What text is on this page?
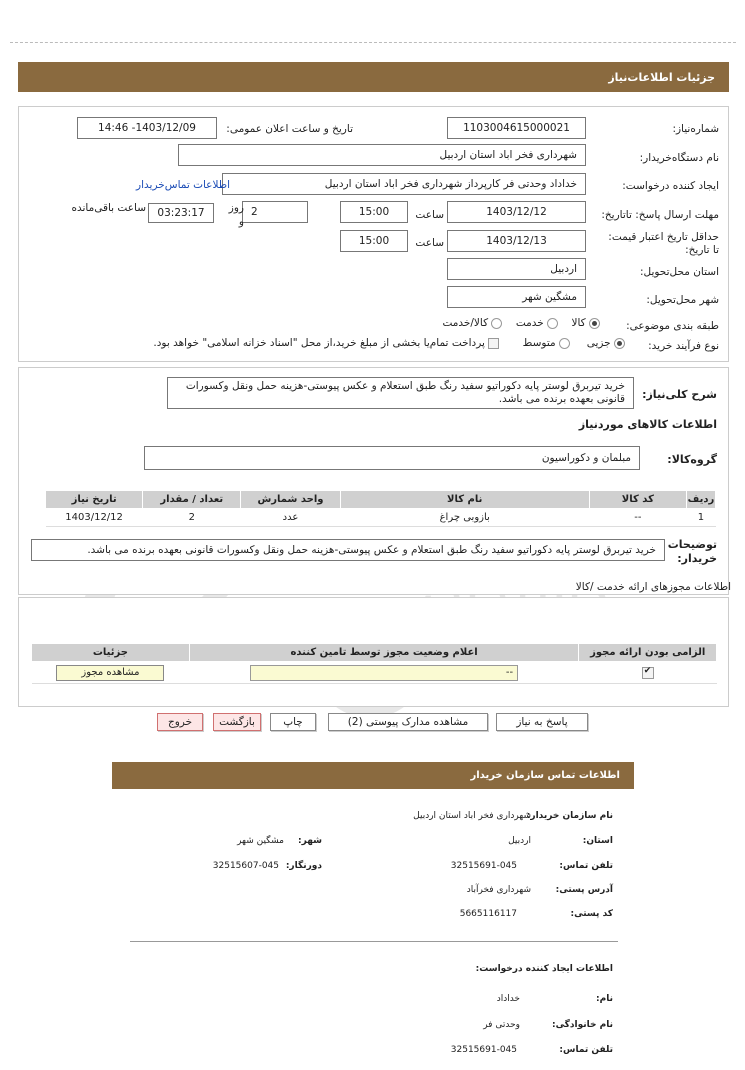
جزئیات اطلاعات‌نیاز
شماره‌نیاز:
1103004615000021
تاریخ و ساعت اعلان عمومی:
1403/12/09- 14:46
نام دستگاه‌خریدار:
شهرداری فخر اباد استان اردبیل
ایجاد کننده درخواست:
خداداد وحدتی فر کارپرداز شهرداری فخر اباد استان اردبیل
اطلاعات تماس‌خریدار
مهلت ارسال پاسخ: تاتاریخ:
1403/12/12
ساعت
15:00
2
روز و
03:23:17
ساعت باقی‌مانده
حداقل تاریخ اعتبار قیمت: تا تاریخ:
1403/12/13
ساعت
15:00
استان محل‌تحویل:
اردبیل
شهر محل‌تحویل:
مشگین شهر
طبقه بندی موضوعی:
کالا     خدمت     کالا/خدمت
نوع فرآیند خرید:
جزیی      متوسط        پرداخت تمام‌یا بخشی از مبلغ خرید،از محل "اسناد خزانه اسلامی" خواهد بود.
شرح کلی‌نیاز:
خرید تیربرق لوستر پایه دکوراتیو سفید رنگ طبق استعلام و عکس پیوستی-هزینه حمل ونقل وکسورات قانونی بعهده برنده می باشد.
اطلاعات کالاهای موردنیاز
گروه‌کالا:
مبلمان و دکوراسیون
ردیف	کد کالا	نام کالا	واحد شمارش	تعداد / مقدار	تاریخ نیاز
1	--	بازوبی چراغ	عدد	2	1403/12/12
توضیحات خریدار:
خرید تیربرق لوستر پایه دکوراتیو سفید رنگ طبق استعلام و عکس پیوستی-هزینه حمل ونقل وکسورات قانونی بعهده برنده می باشد.
اطلاعات مجوزهای ارائه خدمت /کالا
الزامی بودن ارائه مجوز	اعلام وضعیت مجوز توسط تامین کننده	جزئیات

✔	--	مشاهده مجوز
پاسخ به نیاز
مشاهده مدارک پیوستی (2)
چاپ
بازگشت
خروج
اطلاعات تماس سازمان خریدار
نام سازمان خریدار:
شهرداری فخر اباد استان اردبیل
استان:
اردبیل
شهر:
مشگین شهر
تلفن تماس:
32515691-045
دورنگار:
32515607-045
آدرس پستی:
شهرداری فخرآباد
کد پستی:
5665116117
اطلاعات ایجاد کننده درخواست:
نام:
خداداد
نام خانوادگی:
وحدتی فر
تلفن تماس:
32515691-045
